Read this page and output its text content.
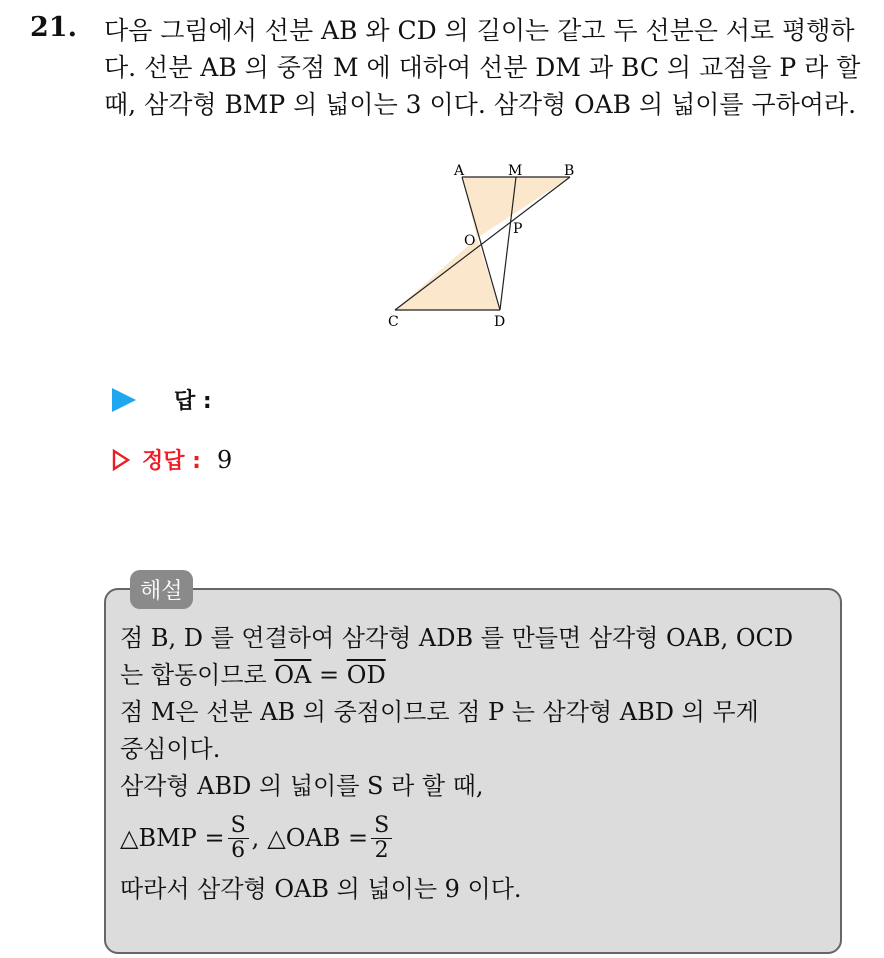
21. 다음 그림에서 선분 AB 와 CD 의 길이는 같고 두 선분은 서로 평행하
다. 선분 AB 의 중점 M 에 대하여 선분 DM 과 BC 의 교점을 P 라 할
때, 삼각형 BMP 의 넓이는 3 이다. 삼각형 OAB 의 넓이를 구하여라.
A	M	B
O
P
C	D
답 :
정답 : 9
해설
점 B, D 를 연결하여 삼각형 ADB 를 만들면 삼각형 OAB, OCD
는 합동이므로 $\overline{OA} = \overline{OD}$
점 M은 선분 AB 의 중점이므로 점 P 는 삼각형 ABD 의 무게
중심이다.
삼각형 ABD 의 넓이를 S 라 할 때,
△BMP = $\frac{S}{6}$ , △OAB = $\frac{S}{2}$
따라서 삼각형 OAB 의 넓이는 9 이다.
